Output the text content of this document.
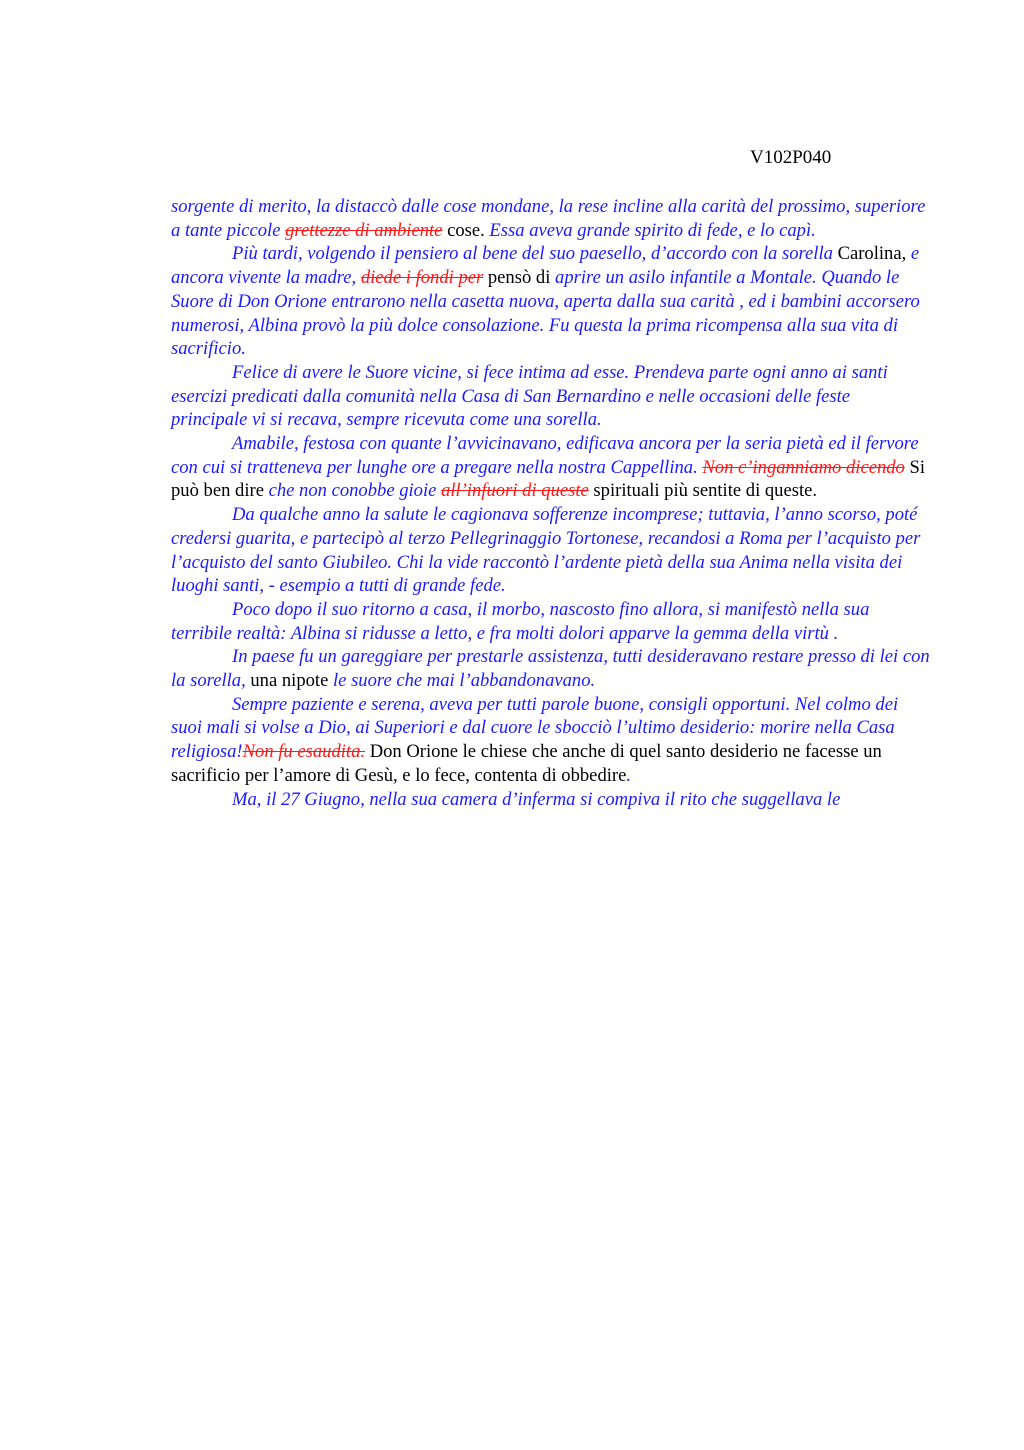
V102P040

sorgente di merito, la distaccò dalle cose mondane, la rese incline alla carità del prossimo, superiore a tante piccole grettezze di ambiente cose. Essa aveva grande spirito di fede, e lo capì.

Più tardi, volgendo il pensiero al bene del suo paesello, d’accordo con la sorella Carolina, e ancora vivente la madre, diede i fondi per pensò di aprire un asilo infantile a Montale. Quando le Suore di Don Orione entrarono nella casetta nuova, aperta dalla sua carità , ed i bambini accorsero numerosi, Albina provò la più dolce consolazione. Fu questa la prima ricompensa alla sua vita di sacrificio.

Felice di avere le Suore vicine, si fece intima ad esse. Prendeva parte ogni anno ai santi esercizi predicati dalla comunità nella Casa di San Bernardino e nelle occasioni delle feste principale vi si recava, sempre ricevuta come una sorella.

Amabile, festosa con quante l’avvicinavano, edificava ancora per la seria pietà ed il fervore con cui si tratteneva per lunghe ore a pregare nella nostra Cappellina. Non c’inganniamo dicendo Si può ben dire che non conobbe gioie all’infuori di queste spirituali più sentite di queste.

Da qualche anno la salute le cagionava sofferenze incomprese; tuttavia, l’anno scorso, poté credersi guarita, e partecipò al terzo Pellegrinaggio Tortonese, recandosi a Roma per l’acquisto per l’acquisto del santo Giubileo. Chi la vide raccontò l’ardente pietà della sua Anima nella visita dei luoghi santi, - esempio a tutti di grande fede.

Poco dopo il suo ritorno a casa, il morbo, nascosto fino allora, si manifestò nella sua terribile realtà: Albina si ridusse a letto, e fra molti dolori apparve la gemma della virtù .

In paese fu un gareggiare per prestarle assistenza, tutti desideravano restare presso di lei con la sorella, una nipote le suore che mai l’abbandonavano.

Sempre paziente e serena, aveva per tutti parole buone, consigli opportuni. Nel colmo dei suoi mali si volse a Dio, ai Superiori e dal cuore le sbocciò l’ultimo desiderio: morire nella Casa religiosa!Non fu esaudita. Don Orione le chiese che anche di quel santo desiderio ne facesse un sacrificio per l’amore di Gesù, e lo fece, contenta di obbedire.

Ma, il 27 Giugno, nella sua camera d’inferma si compiva il rito che suggellava le
